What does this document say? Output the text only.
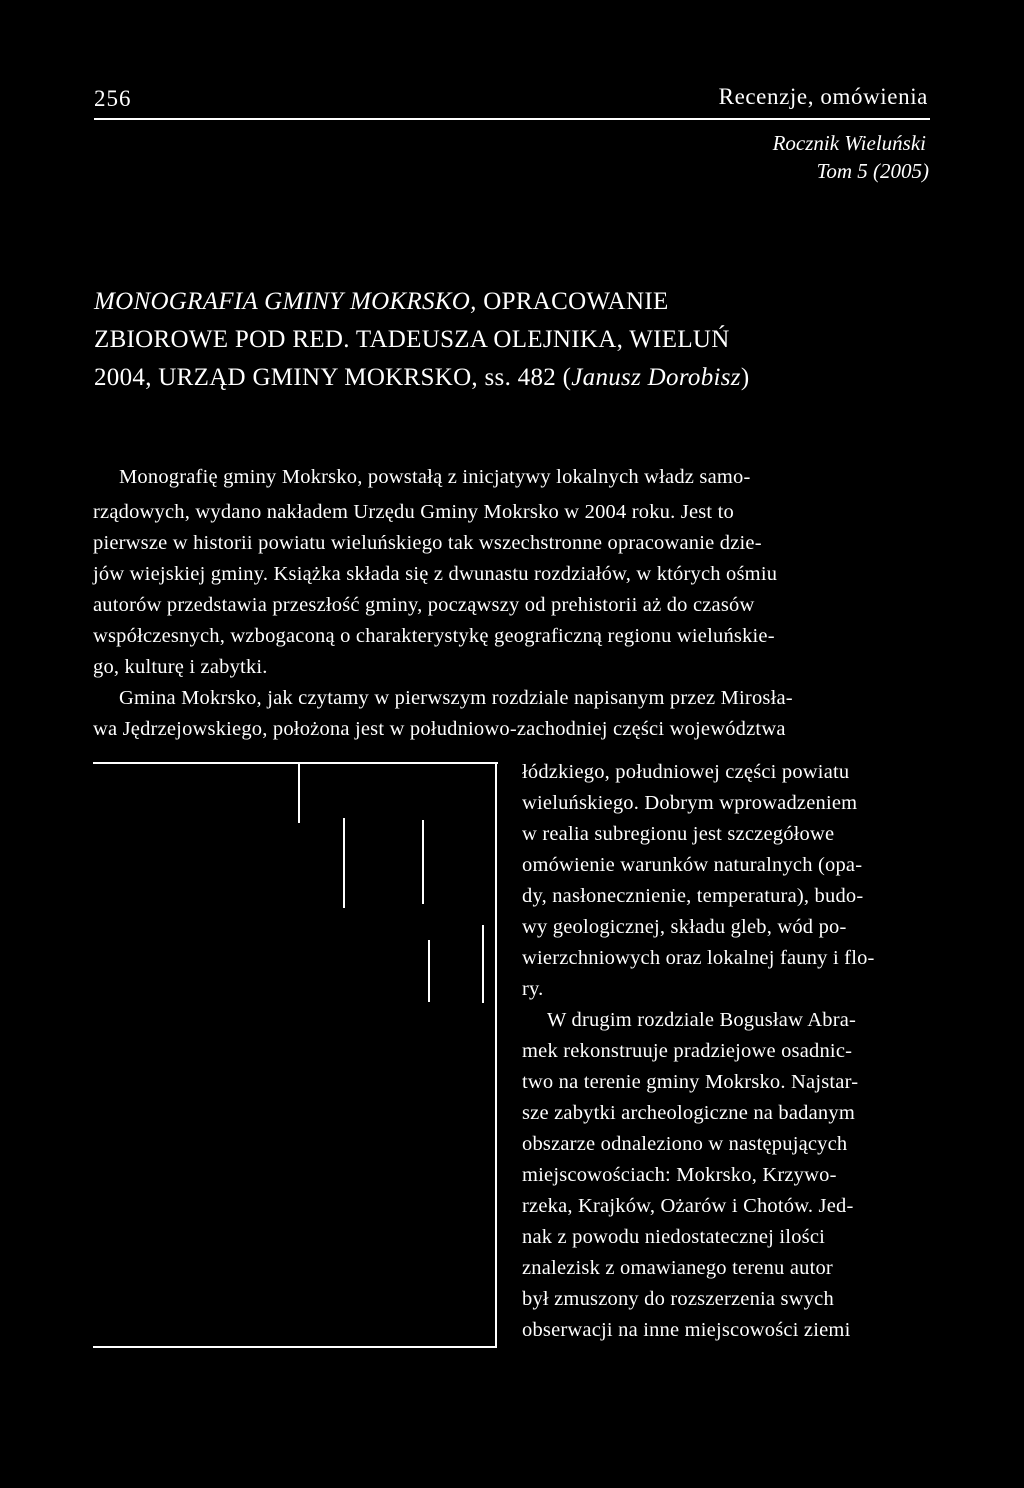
256	Recenzje, omówienia
Rocznik Wieluński
Tom 5 (2005)
MONOGRAFIA GMINY MOKRSKO, OPRACOWANIE
ZBIOROWE POD RED. TADEUSZA OLEJNIKA, WIELUŃ
2004, URZĄD GMINY MOKRSKO, ss. 482 (Janusz Dorobisz)
Monografię gminy Mokrsko, powstałą z inicjatywy lokalnych władz samo-
rządowych, wydano nakładem Urzędu Gminy Mokrsko w 2004 roku. Jest to
pierwsze w historii powiatu wieluńskiego tak wszechstronne opracowanie dzie-
jów wiejskiej gminy. Książka składa się z dwunastu rozdziałów, w których ośmiu
autorów przedstawia przeszłość gminy, począwszy od prehistorii aż do czasów
współczesnych, wzbogaconą o charakterystykę geograficzną regionu wieluńskie-
go, kulturę i zabytki.
Gmina Mokrsko, jak czytamy w pierwszym rozdziale napisanym przez Mirosła-
wa Jędrzejowskiego, położona jest w południowo-zachodniej części województwa
łódzkiego, południowej części powiatu
wieluńskiego. Dobrym wprowadzeniem
w realia subregionu jest szczegółowe
omówienie warunków naturalnych (opa-
dy, nasłonecznienie, temperatura), budo-
wy geologicznej, składu gleb, wód po-
wierzchniowych oraz lokalnej fauny i flo-
ry.
W drugim rozdziale Bogusław Abra-
mek rekonstruuje pradziejowe osadnic-
two na terenie gminy Mokrsko. Najstar-
sze zabytki archeologiczne na badanym
obszarze odnaleziono w następujących
miejscowościach: Mokrsko, Krzywo-
rzeka, Krajków, Ożarów i Chotów. Jed-
nak z powodu niedostatecznej ilości
znalezisk z omawianego terenu autor
był zmuszony do rozszerzenia swych
obserwacji na inne miejscowości ziemi
